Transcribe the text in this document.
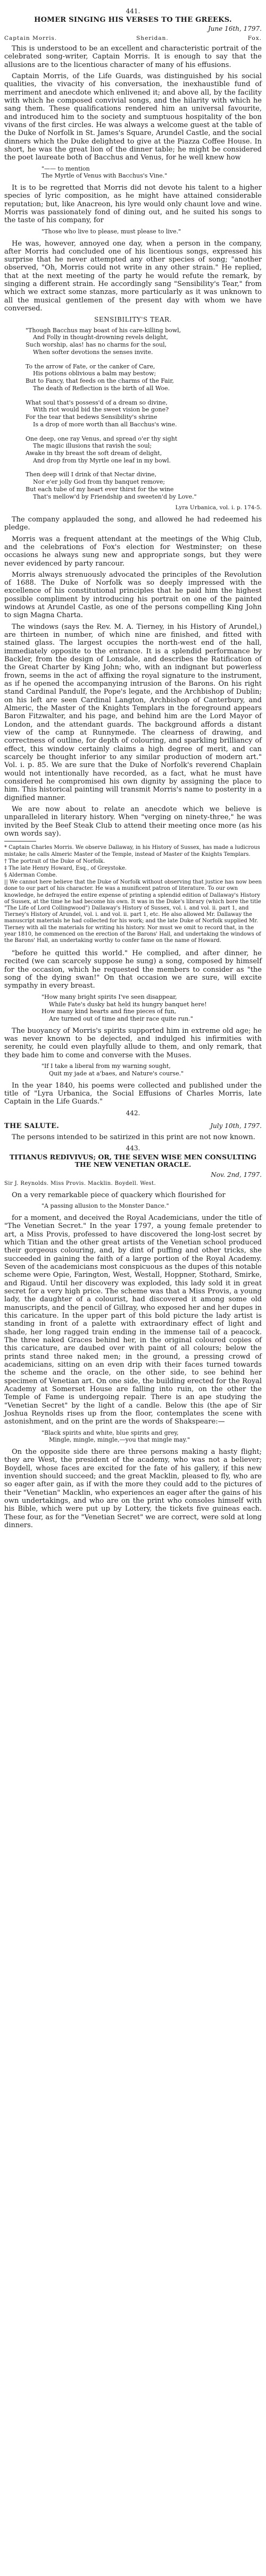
441.
HOMER SINGING HIS VERSES TO THE GREEKS.
June 16th, 1797.
Captain Morris.	Sheridan.	Fox.

This is understood to be an excellent and characteristic portrait of the celebrated song-writer, Captain Morris. It is enough to say that the allusions are to the licentious character of many of his effusions.

Captain Morris, of the Life Guards, was distinguished by his social qualities, the vivacity of his conversation, the inexhaustible fund of merriment and anecdote which enlivened it; and above all, by the facility with which he composed convivial songs, and the hilarity with which he sang them. These qualifications rendered him an universal favourite, and introduced him to the society and sumptuous hospitality of the bon vivans of the first circles. He was always a welcome guest at the table of the Duke of Norfolk in St. James's Square, Arundel Castle, and the social dinners which the Duke delighted to give at the Piazza Coffee House. In short, he was the great lion of the dinner table; he might be considered the poet laureate both of Bacchus and Venus, for he well knew how

"—— to mention
The Myrtle of Venus with Bacchus's Vine."

It is to be regretted that Morris did not devote his talent to a higher species of lyric composition, as he might have attained considerable reputation; but, like Anacreon, his lyre would only chaunt love and wine. Morris was passionately fond of dining out, and he suited his songs to the taste of his company, for

"Those who live to please, must please to live."

He was, however, annoyed one day, when a person in the company, after Morris had concluded one of his licentious songs, expressed his surprise that he never attempted any other species of song; "another observed, "Oh, Morris could not write in any other strain." He replied, that at the next meeting of the party he would refute the remark, by singing a different strain. He accordingly sang "Sensibility's Tear," from which we extract some stanzas, more particularly as it was unknown to all the musical gentlemen of the present day with whom we have conversed.

SENSIBILITY'S TEAR.
"Though Bacchus may boast of his care-killing bowl,
And Folly in thought-drowning revels delight,
Such worship, alas! has no charms for the soul,
When softer devotions the senses invite.

To the arrow of Fate, or the canker of Care,
His potions oblivious a balm may bestow;
But to Fancy, that feeds on the charms of the Fair,
The death of Reflection is the birth of all Woe.

What soul that's possess'd of a dream so divine,
With riot would bid the sweet vision be gone?
For the tear that bedews Sensibility's shrine
Is a drop of more worth than all Bacchus's wine.

One deep, one ray Venus, and spread o'er thy sight
The magic illusions that ravish the soul;
Awake in thy breast the soft dream of delight,
And drop from thy Myrtle one leaf in my bowl.

Then deep will I drink of that Nectar divine,
Nor e'er jolly God from thy banquet remove;
But each tube of my heart ever thirst for the wine
That's mellow'd by Friendship and sweeten'd by Love."
Lyra Urbanica, vol. i. p. 174-5.

The company applauded the song, and allowed he had redeemed his pledge.

Morris was a frequent attendant at the meetings of the Whig Club, and the celebrations of Fox's election for Westminster; on these occasions he always sung new and appropriate songs, but they were never evidenced by party rancour.

Morris always strenuously advocated the principles of the Revolution of 1688. The Duke of Norfolk was so deeply impressed with the excellence of his constitutional principles that he paid him the highest possible compliment by introducing his portrait on one of the painted windows at Arundel Castle, as one of the persons compelling King John to sign Magna Charta.

The windows (says the Rev. M. A. Tierney, in his History of Arundel,) are thirteen in number, of which nine are finished, and fitted with stained glass. The largest occupies the north-west end of the hall, immediately opposite to the entrance. It is a splendid performance by Backler, from the design of Lonsdale, and describes the Ratification of the Great Charter by King John; who, with an indignant but powerless frown, seems in the act of affixing the royal signature to the instrument, as if he opened the accompanying intrusion of the Barons. On his right stand Cardinal Pandulf, the Pope's legate, and the Archbishop of Dublin; on his left are seen Cardinal Langton, Archbishop of Canterbury, and Almeric, the Master of the Knights Templars in the foreground appears Baron Fitzwalter, and his page, and behind him are the Lord Mayor of London, and the attendant guards. The background affords a distant view of the camp at Runnymede. The clearness of drawing, and correctness of outline, for depth of colouring, and sparkling brilliancy of effect, this window certainly claims a high degree of merit, and can scarcely be thought inferior to any similar production of modern art." Vol. i. p. 85. We are sure that the Duke of Norfolk's reverend Chaplain would not intentionally have recorded, as a fact, what he must have considered he compromised his own dignity by assigning the place to him. This historical painting will transmit Morris's name to posterity in a dignified manner.

We are now about to relate an anecdote which we believe is unparalleled in literary history. When "verging on ninety-three," he was invited by the Beef Steak Club to attend their meeting once more (as his own words say).

* Captain Charles Morris. We observe Dallaway, in his History of Sussex, has made a ludicrous mistake; he calls Almeric Master of the Temple, instead of Master of the Knights Templars.
† The portrait of the Duke of Norfolk.
‡ The late Henry Howard, Esq., of Greystoke.
§ Alderman Combe.
|| We cannot here believe that the Duke of Norfolk without observing that justice has now been done to our part of his character. He was a munificent patron of literature. To our own knowledge, he defrayed the entire expense of printing a splendid edition of Dallaway's History of Sussex, at the time he had become his own. It was in the Duke's library (which bore the title "The Life of Lord Collingwood") Dallaway's History of Sussex, vol. i. and vol. ii. part 1, and Tierney's History of Arundel, vol. i. and vol. ii. part 1, etc. He also allowed Mr. Dallaway the manuscript materials he had collected for his work; and the late Duke of Norfolk supplied Mr. Tierney with all the materials for writing his history. Nor must we omit to record that, in the year 1810, he commenced on the erection of the Barons' Hall, and undertaking the windows of the Barons' Hall, an undertaking worthy to confer fame on the name of Howard.

"before he quitted this world." He complied, and after dinner, he recited (we can scarcely suppose he sung) a song, composed by himself for the occasion, which he requested the members to consider as "the song of the dying swan!" On that occasion we are sure, will excite sympathy in every breast.

"How many bright spirits I've seen disappear,
While Fate's dusky bat held its hungry banquet here!
How many kind hearts and fine pieces of fun,
Are turned out of time and their race quite run."

The buoyancy of Morris's spirits supported him in extreme old age; he was never known to be dejected, and indulged his infirmities with serenity, he could even playfully allude to them, and only remark, that they bade him to come and converse with the Muses.

"If I take a liberal from my warning sought,
Quit my jade at a'baes, and Nature's course."

In the year 1840, his poems were collected and published under the title of "Lyra Urbanica, the Social Effusions of Charles Morris, late Captain in the Life Guards."

442.
THE SALUTE.	July 10th, 1797.

The persons intended to be satirized in this print are not now known.

443.
TITIANUS REDIVIVUS; OR, THE SEVEN WISE MEN CONSULTING THE NEW VENETIAN ORACLE.
Nov. 2nd, 1797.
Sir J. Reynolds. Miss Provis. Macklin. Boydell. West.

On a very remarkable piece of quackery which flourished for

"A passing allusion to the Monster Dance."

for a moment, and deceived the Royal Academicians, under the title of "The Venetian Secret." In the year 1797, a young female pretender to art, a Miss Provis, professed to have discovered the long-lost secret by which Titian and the other great artists of the Venetian school produced their gorgeous colouring, and, by dint of puffing and other tricks, she succeeded in gaining the faith of a large portion of the Royal Academy. Seven of the academicians most conspicuous as the dupes of this notable scheme were Opie, Farington, West, Westall, Hoppner, Stothard, Smirke, and Rigaud. Until her discovery was exploded, this lady sold it in great secret for a very high price. The scheme was that a Miss Provis, a young lady, the daughter of a colourist, had discovered it among some old manuscripts, and the pencil of Gillray, who exposed her and her dupes in this caricature. In the upper part of this bold picture the lady artist is standing in front of a palette with extraordinary effect of light and shade, her long ragged train ending in the immense tail of a peacock. The three naked Graces behind her, in the original coloured copies of this caricature, are daubed over with paint of all colours; below the prints stand three naked men; in the ground, a pressing crowd of academicians, sitting on an even drip with their faces turned towards the scheme and the oracle, on the other side, to see behind her specimen of Venetian art. On one side, the building erected for the Royal Academy at Somerset House are falling into ruin, on the other the Temple of Fame is undergoing repair. There is an ape studying the "Venetian Secret" by the light of a candle. Below this (the ape of Sir Joshua Reynolds rises up from the floor, contemplates the scene with astonishment, and on the print are the words of Shakspeare:—

"Black spirits and white, blue spirits and grey,
Mingle, mingle, mingle,—you that mingle may."

On the opposite side there are three persons making a hasty flight; they are West, the president of the academy, who was not a believer; Boydell, whose faces are excited for the fate of his gallery, if this new invention should succeed; and the great Macklin, pleased to fly, who are so eager after gain, as if with the more they could add to the pictures of their "Venetian" Macklin, who experiences an eager after the gains of his own undertakings, and who are on the print who consoles himself with his Bible, which were put up by Lottery, the tickets five guineas each. These four, as for the "Venetian Secret" we are correct, were sold at long dinners.
